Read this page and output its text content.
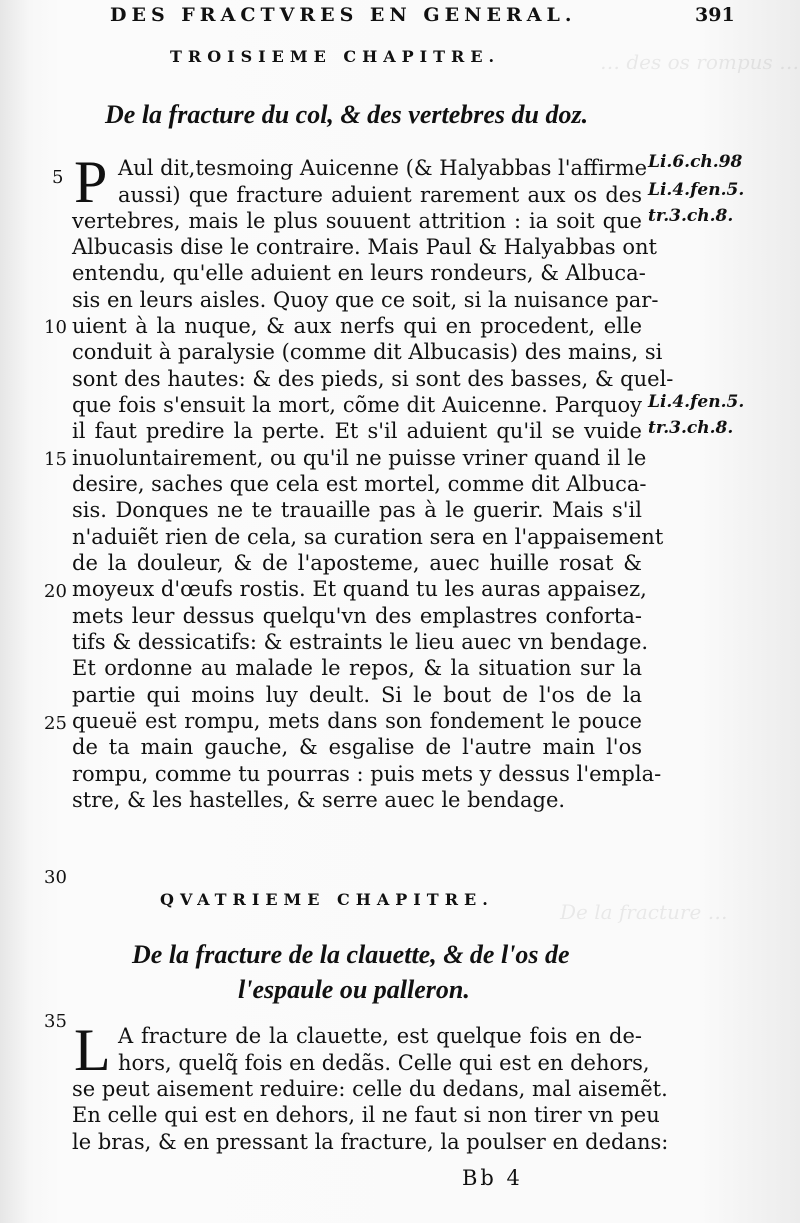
… des os rompus …
De la fracture …
DES FRACTVRES EN GENERAL.	391
TROISIEME CHAPITRE.
De la fracture du col, & des vertebres du doz.
P Aul dit,tesmoing Auicenne (& Halyabbas l'affirme
aussi) que fracture aduient rarement aux os des
vertebres, mais le plus souuent attrition : ia soit que
Albucasis dise le contraire. Mais Paul & Halyabbas ont
entendu, qu'elle aduient en leurs rondeurs, & Albuca-
sis en leurs aisles. Quoy que ce soit, si la nuisance par-
uient à la nuque, & aux nerfs qui en procedent, elle
conduit à paralysie (comme dit Albucasis) des mains, si
sont des hautes: & des pieds, si sont des basses, & quel-
que fois s'ensuit la mort, cõme dit Auicenne. Parquoy
il faut predire la perte. Et s'il aduient qu'il se vuide
inuoluntairement, ou qu'il ne puisse vriner quand il le
desire, saches que cela est mortel, comme dit Albuca-
sis. Donques ne te trauaille pas à le guerir. Mais s'il
n'aduiẽt rien de cela, sa curation sera en l'appaisement
de la douleur, & de l'aposteme, auec huille rosat &
moyeux d'œufs rostis. Et quand tu les auras appaisez,
mets leur dessus quelqu'vn des emplastres conforta-
tifs & dessicatifs: & estraints le lieu auec vn bendage.
Et ordonne au malade le repos, & la situation sur la
partie qui moins luy deult. Si le bout de l'os de la
queuë est rompu, mets dans son fondement le pouce
de ta main gauche, & esgalise de l'autre main l'os
rompu, comme tu pourras : puis mets y dessus l'empla-
stre, & les hastelles, & serre auec le bendage.
5
10
15
20
25
30
35
Li.6.ch.98
Li.4.fen.5.
tr.3.ch.8.
Li.4.fen.5.
tr.3.ch.8.
QVATRIEME CHAPITRE.
De la fracture de la clauette, & de l'os de
l'espaule ou palleron.
L A fracture de la clauette, est quelque fois en de-
hors, quelq̃ fois en dedãs. Celle qui est en dehors,
se peut aisement reduire: celle du dedans, mal aisemẽt.
En celle qui est en dehors, il ne faut si non tirer vn peu
le bras, & en pressant la fracture, la poulser en dedans:
Bb 4
